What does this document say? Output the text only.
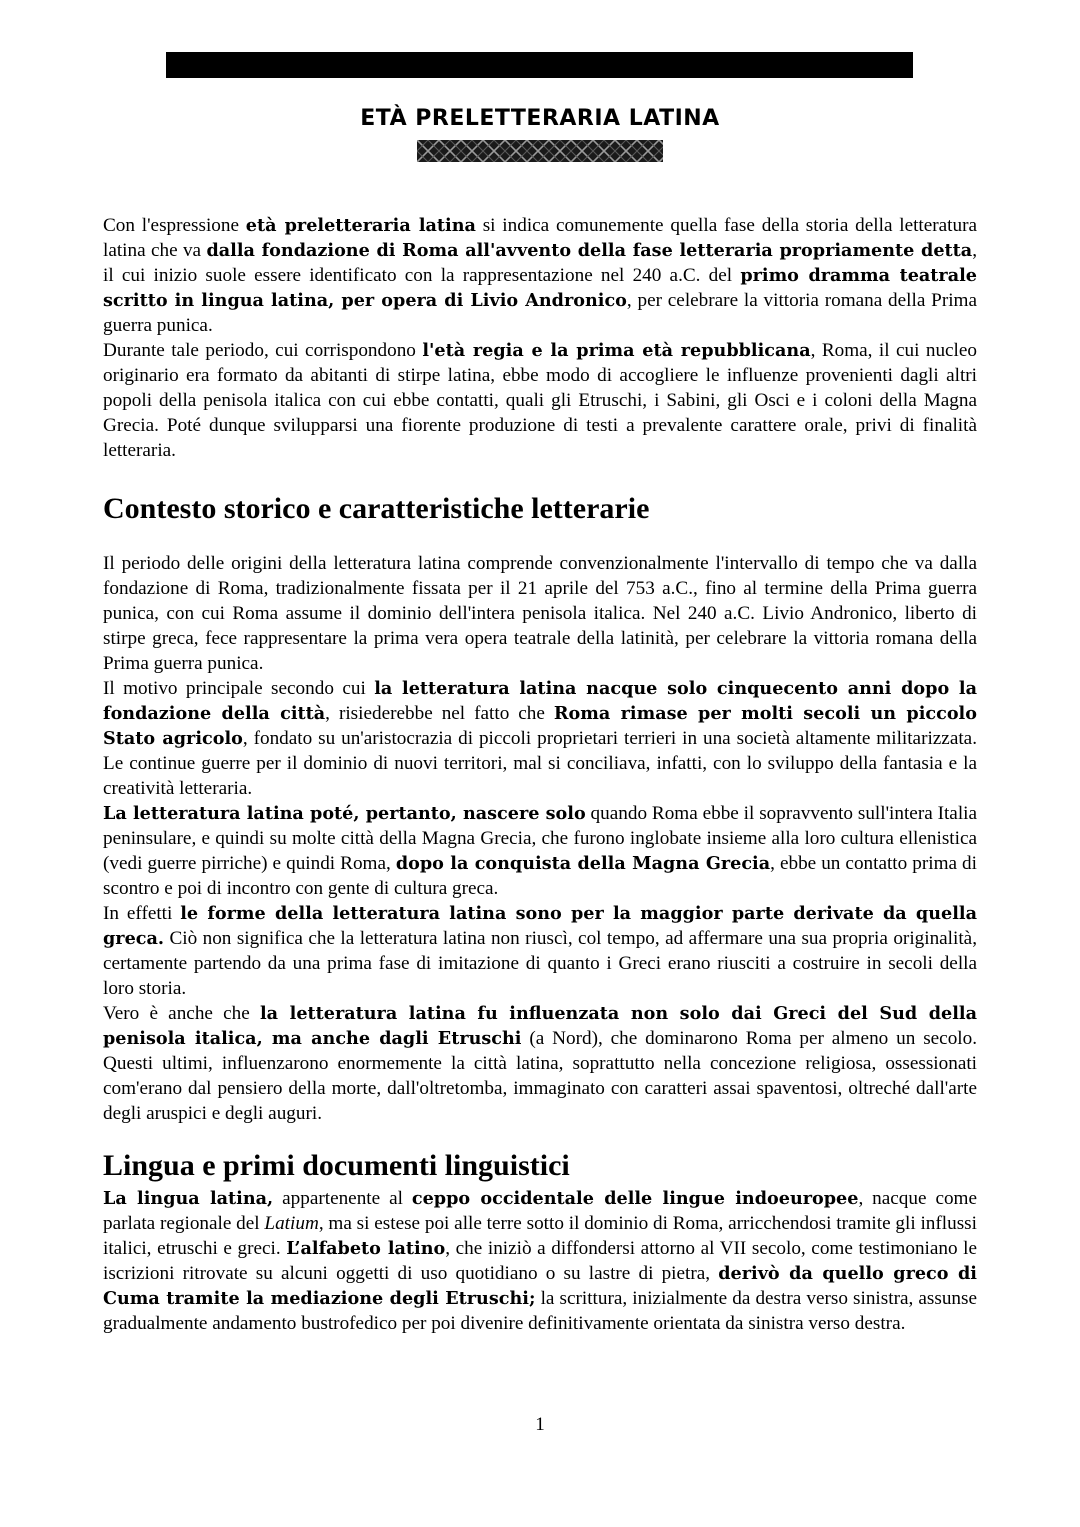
ETÀ PRELETTERARIA LATINA

Con l'espressione età preletteraria latina si indica comunemente quella fase della storia della letteratura latina che va dalla fondazione di Roma all'avvento della fase letteraria propriamente detta, il cui inizio suole essere identificato con la rappresentazione nel 240 a.C. del primo dramma teatrale scritto in lingua latina, per opera di Livio Andronico, per celebrare la vittoria romana della Prima guerra punica.

Durante tale periodo, cui corrispondono l'età regia e la prima età repubblicana, Roma, il cui nucleo originario era formato da abitanti di stirpe latina, ebbe modo di accogliere le influenze provenienti dagli altri popoli della penisola italica con cui ebbe contatti, quali gli Etruschi, i Sabini, gli Osci e i coloni della Magna Grecia. Poté dunque svilupparsi una fiorente produzione di testi a prevalente carattere orale, privi di finalità letteraria.

Contesto storico e caratteristiche letterarie

Il periodo delle origini della letteratura latina comprende convenzionalmente l'intervallo di tempo che va dalla fondazione di Roma, tradizionalmente fissata per il 21 aprile del 753 a.C., fino al termine della Prima guerra punica, con cui Roma assume il dominio dell'intera penisola italica. Nel 240 a.C. Livio Andronico, liberto di stirpe greca, fece rappresentare la prima vera opera teatrale della latinità, per celebrare la vittoria romana della Prima guerra punica.

Il motivo principale secondo cui la letteratura latina nacque solo cinquecento anni dopo la fondazione della città, risiederebbe nel fatto che Roma rimase per molti secoli un piccolo Stato agricolo, fondato su un'aristocrazia di piccoli proprietari terrieri in una società altamente militarizzata. Le continue guerre per il dominio di nuovi territori, mal si conciliava, infatti, con lo sviluppo della fantasia e la creatività letteraria.

La letteratura latina poté, pertanto, nascere solo quando Roma ebbe il sopravvento sull'intera Italia peninsulare, e quindi su molte città della Magna Grecia, che furono inglobate insieme alla loro cultura ellenistica (vedi guerre pirriche) e quindi Roma, dopo la conquista della Magna Grecia, ebbe un contatto prima di scontro e poi di incontro con gente di cultura greca.

In effetti le forme della letteratura latina sono per la maggior parte derivate da quella greca. Ciò non significa che la letteratura latina non riuscì, col tempo, ad affermare una sua propria originalità, certamente partendo da una prima fase di imitazione di quanto i Greci erano riusciti a costruire in secoli della loro storia.

Vero è anche che la letteratura latina fu influenzata non solo dai Greci del Sud della penisola italica, ma anche dagli Etruschi (a Nord), che dominarono Roma per almeno un secolo. Questi ultimi, influenzarono enormemente la città latina, soprattutto nella concezione religiosa, ossessionati com'erano dal pensiero della morte, dall'oltretomba, immaginato con caratteri assai spaventosi, oltreché dall'arte degli aruspici e degli auguri.

Lingua e primi documenti linguistici

La lingua latina, appartenente al ceppo occidentale delle lingue indoeuropee, nacque come parlata regionale del Latium, ma si estese poi alle terre sotto il dominio di Roma, arricchendosi tramite gli influssi italici, etruschi e greci. L’alfabeto latino, che iniziò a diffondersi attorno al VII secolo, come testimoniano le iscrizioni ritrovate su alcuni oggetti di uso quotidiano o su lastre di pietra, derivò da quello greco di Cuma tramite la mediazione degli Etruschi; la scrittura, inizialmente da destra verso sinistra, assunse gradualmente andamento bustrofedico per poi divenire definitivamente orientata da sinistra verso destra.

1
